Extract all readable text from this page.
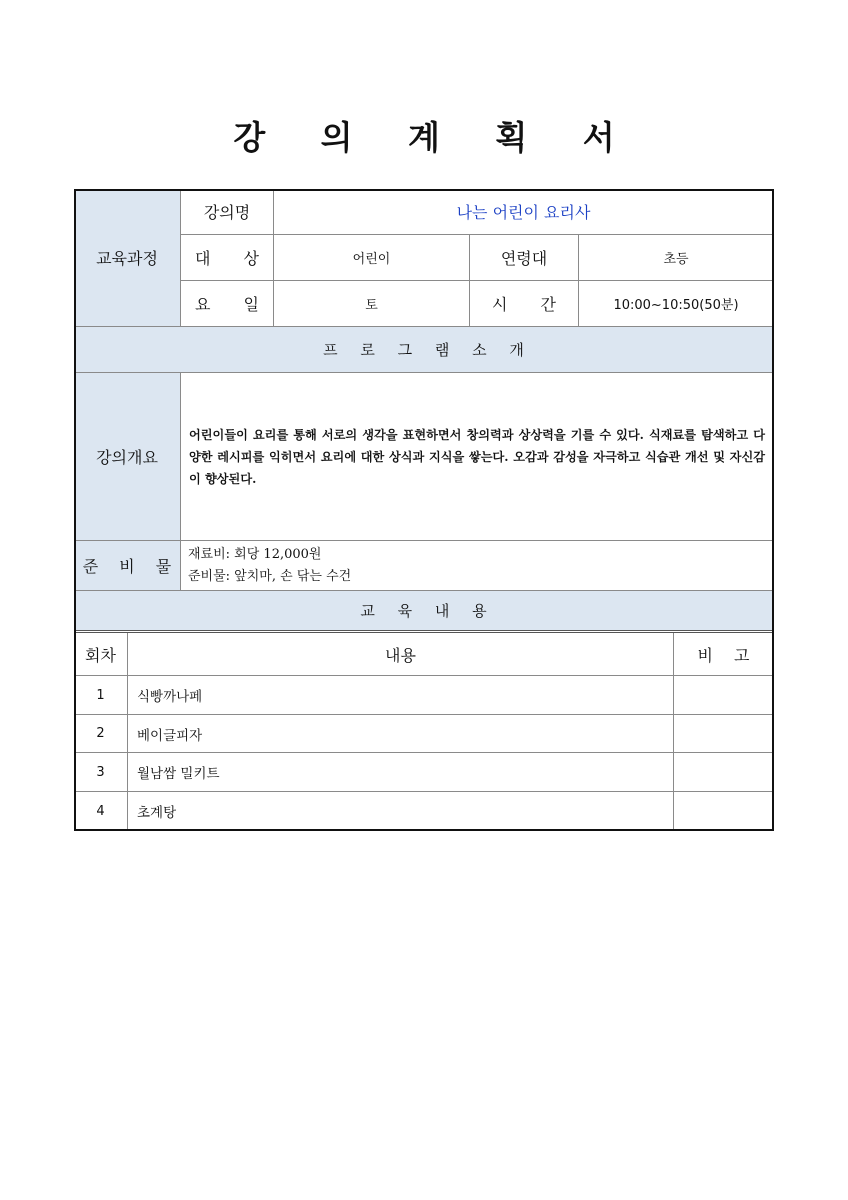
강 의 계 획 서
교육과정
강의명	나는 어린이 요리사
대 상	어린이	연령대	초등
요 일	토	시 간	10:00~10:50(50분)
프 로 그 램 소 개
강의개요
어린이들이 요리를 통해 서로의 생각을 표현하면서 창의력과 상상력을 기를 수 있다. 식재료를 탐색하고 다양한 레시피를 익히면서 요리에 대한 상식과 지식을 쌓는다. 오감과 감성을 자극하고 식습관 개선 및 자신감이 향상된다.
준 비 물
재료비: 회당 12,000원
준비물: 앞치마, 손 닦는 수건
교 육 내 용
회차	내용	비 고
1	식빵까나페
2	베이글피자
3	월남쌈 밀키트
4	초계탕
